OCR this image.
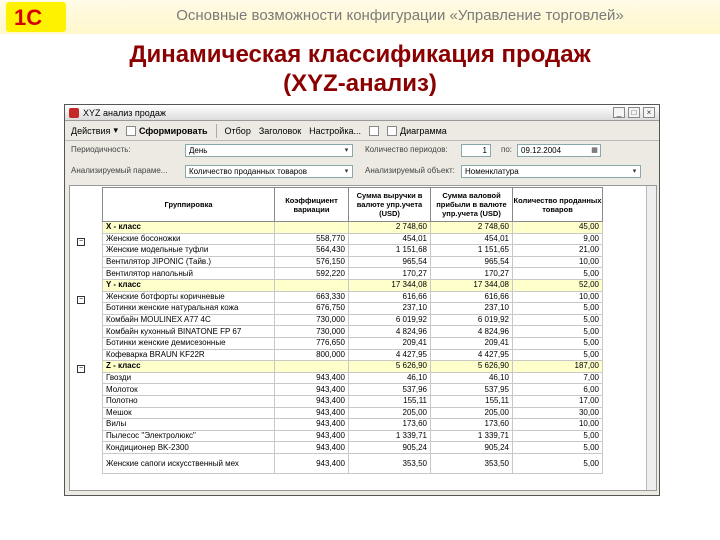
1С	Основные возможности конфигурации «Управление торговлей»
Динамическая классификация продаж
(XYZ-анализ)
XYZ анализ продаж	_	□	×
Действия ▾ Сформировать Отбор Заголовок Настройка...	Диаграмма
Периодичность:	День	▾	Количество периодов:	1	по:	09.12.2004	▦
Анализируемый параме...	Количество проданных товаров	▾	Анализируемый объект:	Номенклатура	▾
−
−
−
Группировка	Коэффициент вариации	Сумма выручки в валюте упр.учета (USD)	Сумма валовой прибыли в валюте упр.учета (USD)	Количество проданных товаров
X - класс		2 748,60	2 748,60	45,00
Женские босоножки	558,770	454,01	454,01	9,00
Женские модельные туфли	564,430	1 151,68	1 151,65	21,00
Вентилятор JIPONIC (Тайв.)	576,150	965,54	965,54	10,00
Вентилятор напольный	592,220	170,27	170,27	5,00
Y - класс		17 344,08	17 344,08	52,00
Женские ботфорты коричневые	663,330	616,66	616,66	10,00
Ботинки женские натуральная кожа	676,750	237,10	237,10	5,00
Комбайн MOULINEX A77 4C	730,000	6 019,92	6 019,92	5,00
Комбайн кухонный BINATONE FP 67	730,000	4 824,96	4 824,96	5,00
Ботинки женские демисезонные	776,650	209,41	209,41	5,00
Кофеварка BRAUN KF22R	800,000	4 427,95	4 427,95	5,00
Z - класс		5 626,90	5 626,90	187,00
Гвозди	943,400	46,10	46,10	7,00
Молоток	943,400	537,96	537,95	6,00
Полотно	943,400	155,11	155,11	17,00
Мешок	943,400	205,00	205,00	30,00
Вилы	943,400	173,60	173,60	10,00
Пылесос "Электролюкс"	943,400	1 339,71	1 339,71	5,00
Кондиционер BK-2300	943,400	905,24	905,24	5,00
Женские сапоги искусственный мех	943,400	353,50	353,50	5,00
